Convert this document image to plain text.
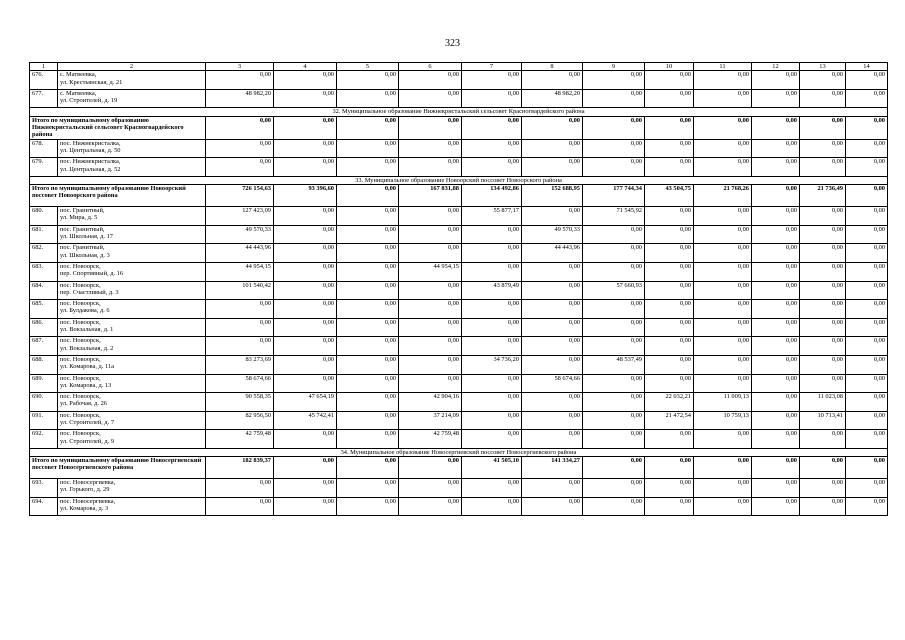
323
1	2	3	4	5	6	7	8	9	10	11	12	13	14
676.	с. Матвеевка,
ул. Крестьянская, д. 21	0,00	0,00	0,00	0,00	0,00	0,00	0,00	0,00	0,00	0,00	0,00	0,00
677.	с. Матвеевка,
ул. Строителей, д. 19	48 982,20	0,00	0,00	0,00	0,00	48 982,20	0,00	0,00	0,00	0,00	0,00	0,00
32. Муниципальное образование Нижнекристальский сельсовет Красногвардейского района													
Итого по муниципальному образованию Нижнекристальский сельсовет Красногвардейского района		0,00	0,00	0,00	0,00	0,00	0,00	0,00	0,00	0,00	0,00	0,00	0,00
678.	пос. Нижнекристалка,
ул. Центральная, д. 50	0,00	0,00	0,00	0,00	0,00	0,00	0,00	0,00	0,00	0,00	0,00	0,00
679.	пос. Нижнекристалка,
ул. Центральная, д. 52	0,00	0,00	0,00	0,00	0,00	0,00	0,00	0,00	0,00	0,00	0,00	0,00
33. Муниципальное образование Новоорский поссовет Новоорского района													
Итого по муниципальному образованию Новоорский поссовет Новоорского района		726 154,63	93 396,60	0,00	167 831,88	134 492,86	152 688,95	177 744,34	43 504,75	21 768,26	0,00	21 736,49	0,00
680.	пос. Гранитный,
ул. Мира, д. 5	127 423,09	0,00	0,00	0,00	55 877,17	0,00	71 545,92	0,00	0,00	0,00	0,00	0,00
681.	пос. Гранитный,
ул. Школьная, д. 17	49 570,33	0,00	0,00	0,00	0,00	49 570,33	0,00	0,00	0,00	0,00	0,00	0,00
682.	пос. Гранитный,
ул. Школьная, д. 3	44 443,96	0,00	0,00	0,00	0,00	44 443,96	0,00	0,00	0,00	0,00	0,00	0,00
683.	пос. Новоорск,
пер. Спортивный, д. 16	44 954,15	0,00	0,00	44 954,15	0,00	0,00	0,00	0,00	0,00	0,00	0,00	0,00
684.	пос. Новоорск,
пер. Счастливый, д. 3	101 540,42	0,00	0,00	0,00	43 879,49	0,00	57 660,93	0,00	0,00	0,00	0,00	0,00
685.	пос. Новоорск,
ул. Булдакова, д. 6	0,00	0,00	0,00	0,00	0,00	0,00	0,00	0,00	0,00	0,00	0,00	0,00
686.	пос. Новоорск,
ул. Вокзальная, д. 1	0,00	0,00	0,00	0,00	0,00	0,00	0,00	0,00	0,00	0,00	0,00	0,00
687.	пос. Новоорск,
ул. Вокзальная, д. 2	0,00	0,00	0,00	0,00	0,00	0,00	0,00	0,00	0,00	0,00	0,00	0,00
688.	пос. Новоорск,
ул. Комарова, д. 11а	83 273,69	0,00	0,00	0,00	34 736,20	0,00	48 537,49	0,00	0,00	0,00	0,00	0,00
689.	пос. Новоорск,
ул. Комарова, д. 13	58 674,66	0,00	0,00	0,00	0,00	58 674,66	0,00	0,00	0,00	0,00	0,00	0,00
690.	пос. Новоорск,
ул. Рабочая, д. 26	90 558,35	47 654,19	0,00	42 904,16	0,00	0,00	0,00	22 032,21	11 009,13	0,00	11 023,08	0,00
691.	пос. Новоорск,
ул. Строителей, д. 7	82 956,50	45 742,41	0,00	37 214,09	0,00	0,00	0,00	21 472,54	10 759,13	0,00	10 713,41	0,00
692.	пос. Новоорск,
ул. Строителей, д. 9	42 759,48	0,00	0,00	42 759,48	0,00	0,00	0,00	0,00	0,00	0,00	0,00	0,00
34. Муниципальное образование Новосергиевский поссовет Новосергиевского района													
Итого по муниципальному образованию Новосергиевский поссовет Новосергиевского района		182 839,37	0,00	0,00	0,00	41 505,10	141 334,27	0,00	0,00	0,00	0,00	0,00	0,00
693.	пос. Новосергиевка,
ул. Горького, д. 29	0,00	0,00	0,00	0,00	0,00	0,00	0,00	0,00	0,00	0,00	0,00	0,00
694.	пос. Новосергиевка,
ул. Комарова, д. 3	0,00	0,00	0,00	0,00	0,00	0,00	0,00	0,00	0,00	0,00	0,00	0,00
